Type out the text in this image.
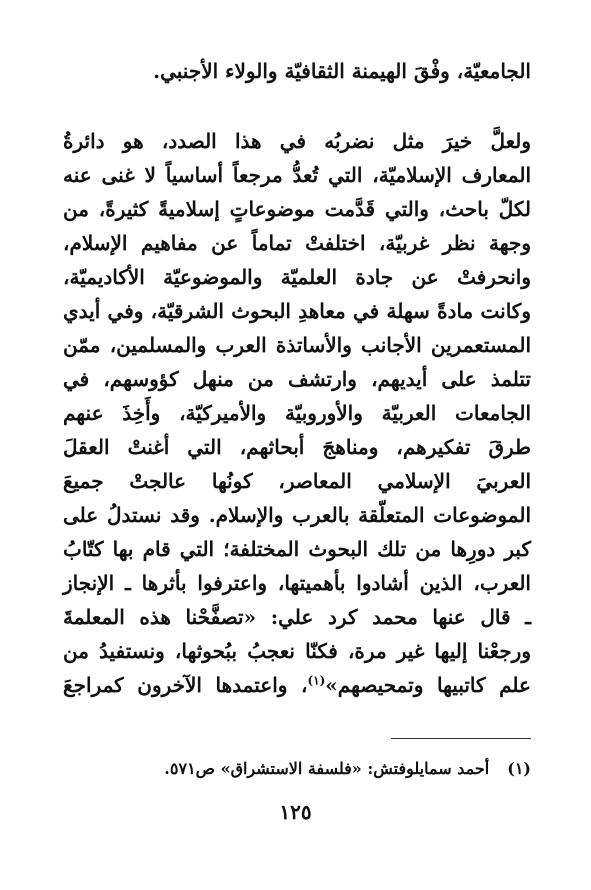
الجامعيّة، وفْقَ الهيمنة الثقافيّة والولاء الأجنبي.
ولعلَّ خيرَ مثل نضربُه في هذا الصدد، هو دائرةُ
المعارف الإسلاميّة، التي تُعدُّ مرجعاً أساسياً لا غنى عنه
لكلّ باحث، والتي قَدَّمت موضوعاتٍ إسلاميةً كثيرةً، من
وجهة نظر غربيّة، اختلفتْ تماماً عن مفاهيم الإسلام،
وانحرفتْ عن جادة العلميّة والموضوعيّة الأكاديميّة،
وكانت مادةً سهلة في معاهدِ البحوث الشرقيّة، وفي أيدي
المستعمرين الأجانب والأساتذة العرب والمسلمين، ممّن
تتلمذ على أيديهم، وارتشف من منهل كؤوسهم، في
الجامعات العربيّة والأوروبيّة والأميركيّة، وأَخِذَ عنهم
طرقَ تفكيرهم، ومناهجَ أبحاثهم، التي أغنتْ العقلَ
العربيَ الإسلامي المعاصر، كونُها عالجتْ جميعَ
الموضوعات المتعلّقة بالعرب والإسلام. وقد نستدلُ على
كبر دورِها من تلك البحوث المختلفة؛ التي قام بها كتّابُ
العرب، الذين أشادوا بأهميتها، واعترفوا بأثرها ـ الإنجاز
ـ قال عنها محمد كرد علي: «تصفَّحْنا هذه المعلمةَ
ورجعْنا إليها غير مرة، فكنّا نعجبُ ببُحوثها، ونستفيدُ من
علم كاتبيها وتمحيصهم»$^{(١)}$، واعتمدها الآخرون كمراجعَ
(١)أحمد سمايلوفتش: «فلسفة الاستشراق» ص٥٧١.
١٢٥
